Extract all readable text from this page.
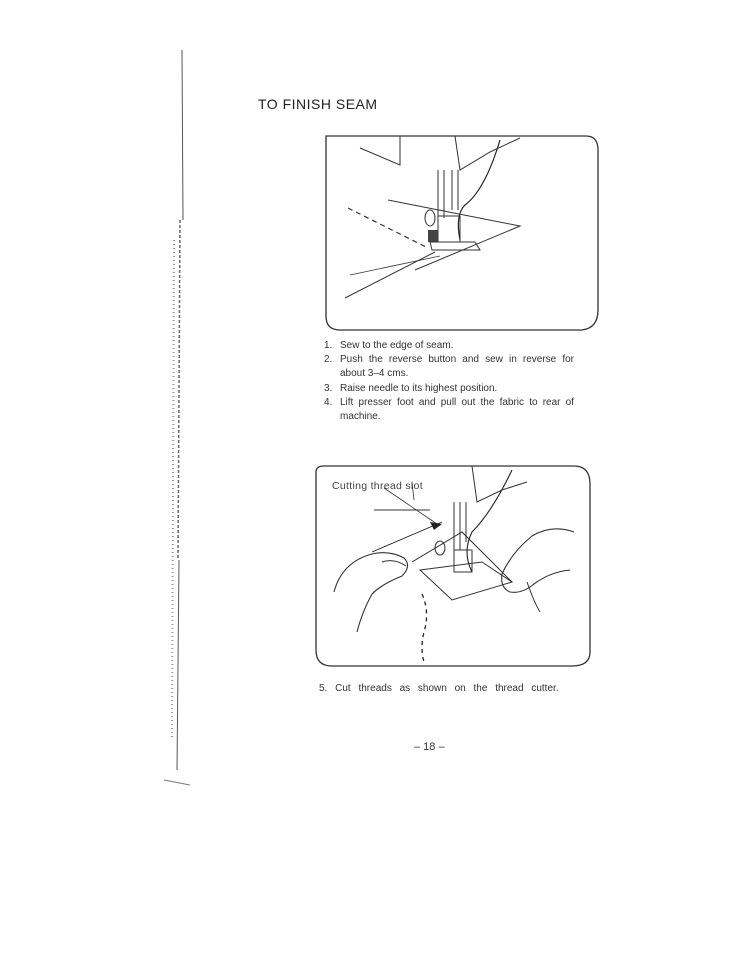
TO FINISH SEAM
1. Sew to the edge of seam.
2. Push the reverse button and sew in reverse for about 3–4 cms.
3. Raise needle to its highest position.
4. Lift presser foot and pull out the fabric to rear of machine.
Cutting thread slot
5. Cut threads as shown on the thread cutter.
– 18 –
